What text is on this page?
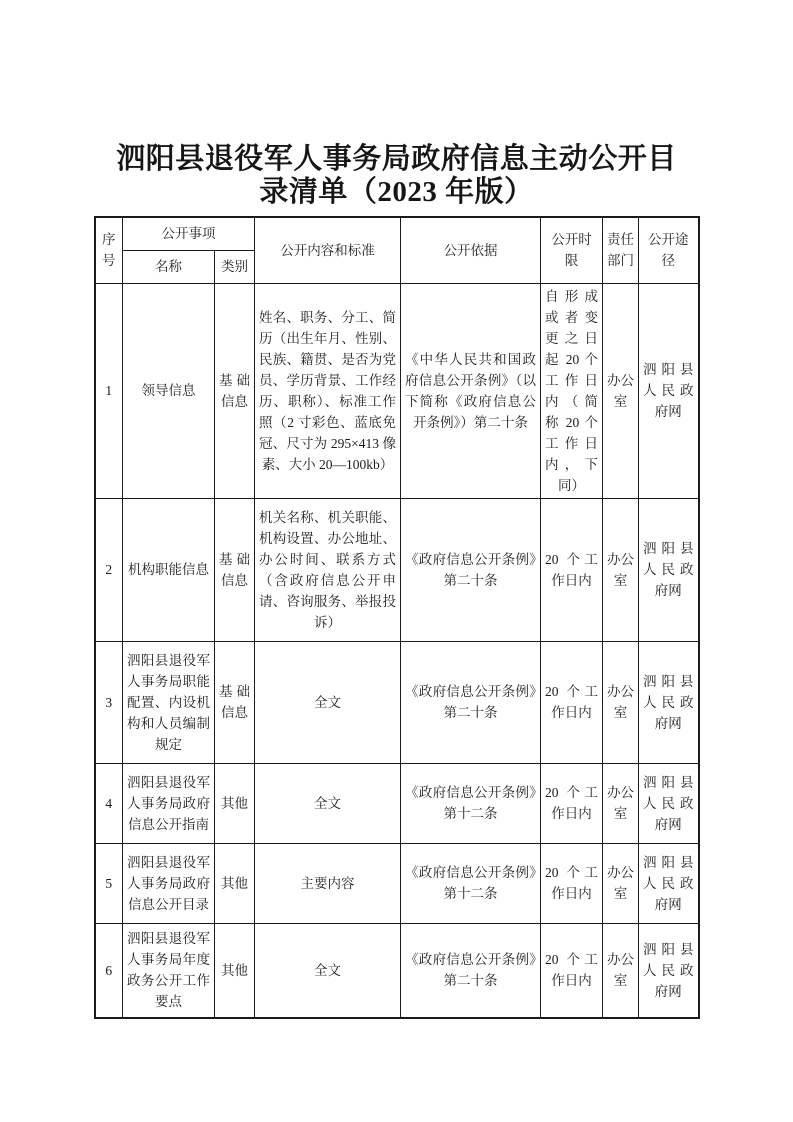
泗阳县退役军人事务局政府信息主动公开目录清单（2023 年版）
序号	公开事项		公开内容和标准	公开依据	公开时限	责任部门	公开途径
	名称	类别					
1	领导信息	基础信息	姓名、职务、分工、简历（出生年月、性别、民族、籍贯、是否为党员、学历背景、工作经历、职称）、标准工作照（2 寸彩色、蓝底免冠、尺寸为 295×413 像素、大小 20—100kb）	《中华人民共和国政府信息公开条例》（以下简称《政府信息公开条例》）第二十条	自形成或者变更之日起 20 个工作日内（简称 20 个工作日内，下同）	办公室	泗阳县人民政府网
2	机构职能信息	基础信息	机关名称、机关职能、机构设置、办公地址、办公时间、联系方式（含政府信息公开申请、咨询服务、举报投诉）	《政府信息公开条例》第二十条	20 个工作日内	办公室	泗阳县人民政府网
3	泗阳县退役军人事务局职能配置、内设机构和人员编制规定	基础信息	全文	《政府信息公开条例》第二十条	20 个工作日内	办公室	泗阳县人民政府网
4	泗阳县退役军人事务局政府信息公开指南	其他	全文	《政府信息公开条例》第十二条	20 个工作日内	办公室	泗阳县人民政府网
5	泗阳县退役军人事务局政府信息公开目录	其他	主要内容	《政府信息公开条例》第十二条	20 个工作日内	办公室	泗阳县人民政府网
6	泗阳县退役军人事务局年度政务公开工作要点	其他	全文	《政府信息公开条例》第二十条	20 个工作日内	办公室	泗阳县人民政府网
